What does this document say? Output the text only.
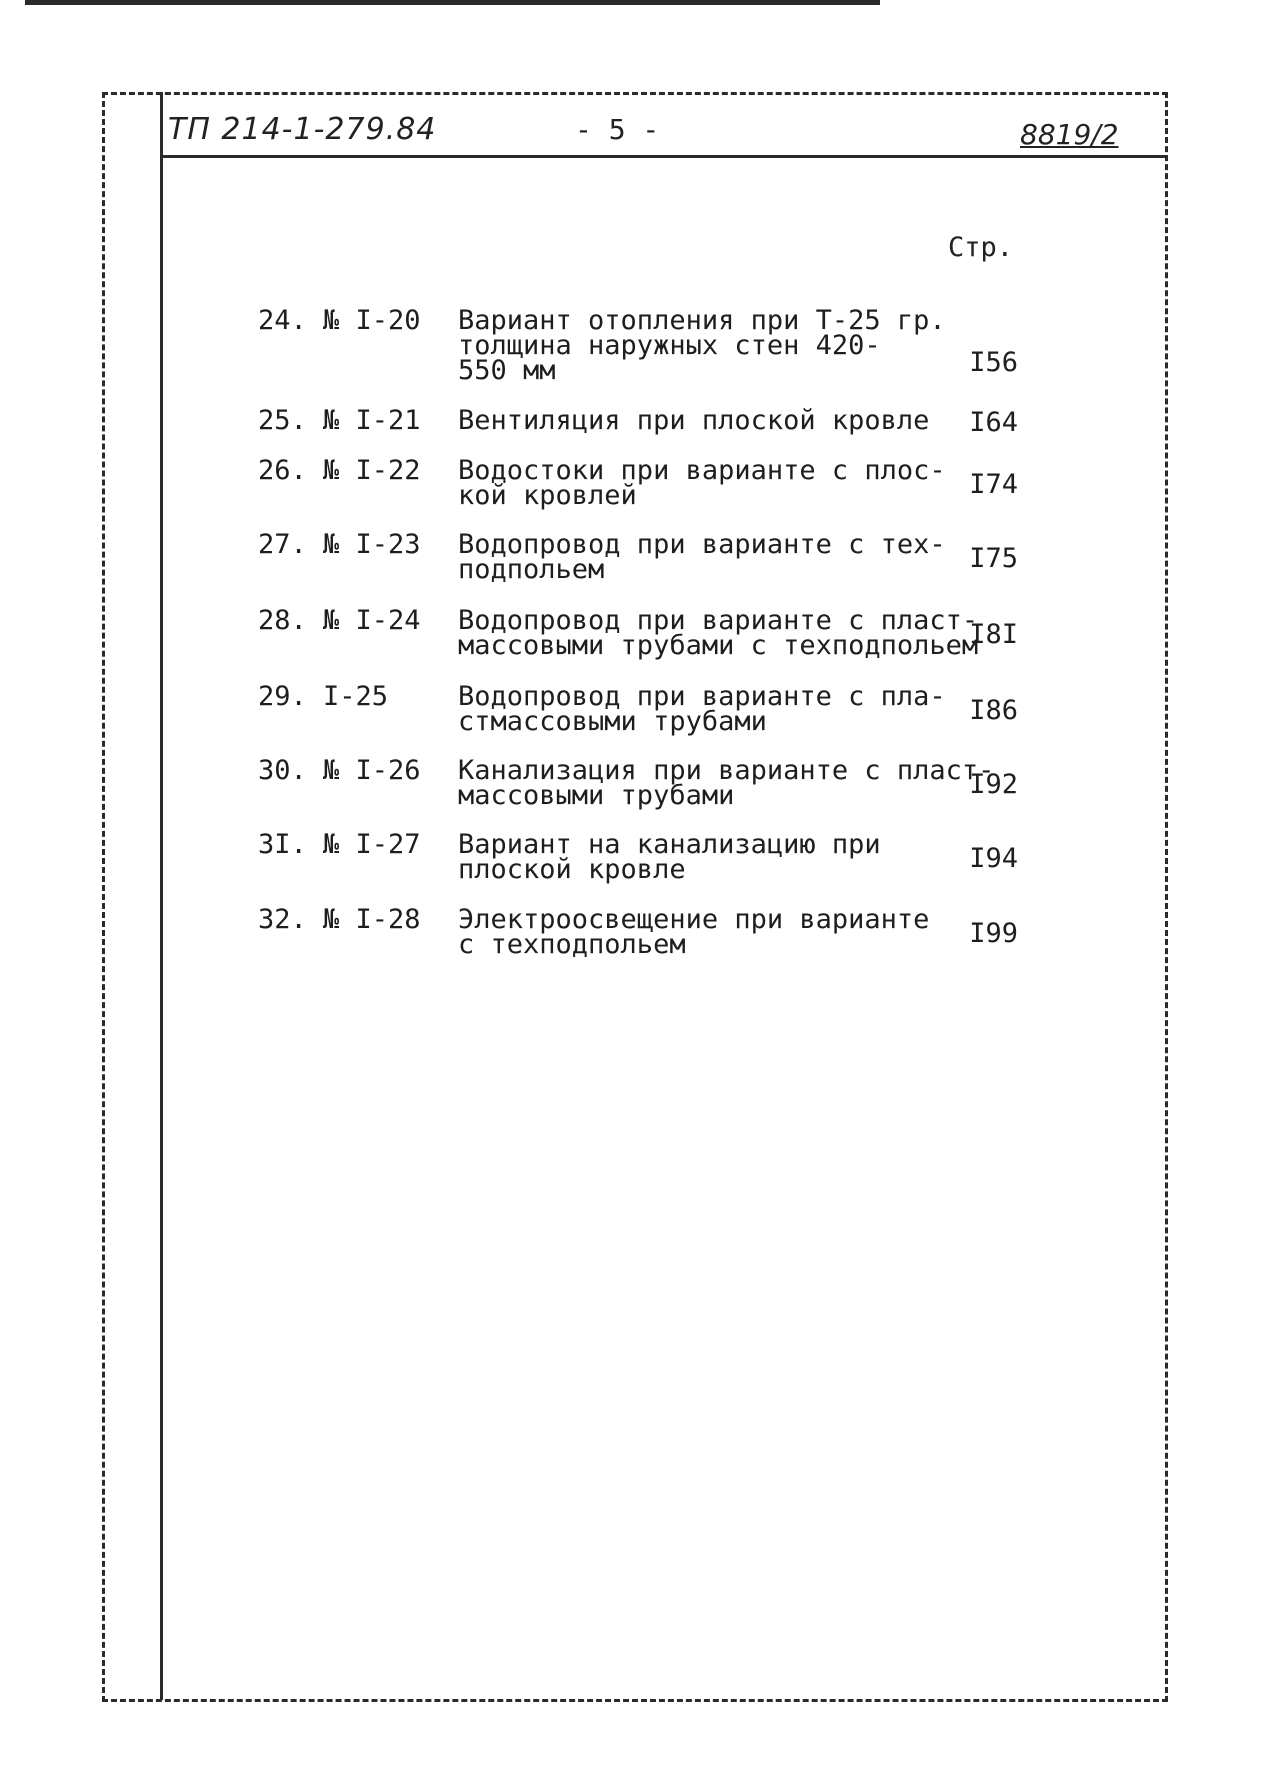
ТП 214-1-279.84	- 5 -	8819/2
Стр.
24. № I-20 Вариант отопления при Т-25 гр.
толщина наружных стен 420-
550 мм	I56
25. № I-21 Вентиляция при плоской кровле I64
26. № I-22 Водостоки при варианте с плос-
кой кровлей	I74
27. № I-23 Водопровод при варианте с тех-
подпольем	I75
28. № I-24 Водопровод при варианте с пласт-
массовыми трубами с техподпольем
I8I
29. I-25	Водопровод при варианте с пла-
стмассовыми трубами	I86
30. № I-26 Канализация при варианте с пласт-
массовыми трубами	I92
3I. № I-27 Вариант на канализацию при
плоской кровле	I94
32. № I-28 Электроосвещение при варианте
с техподпольем	I99
